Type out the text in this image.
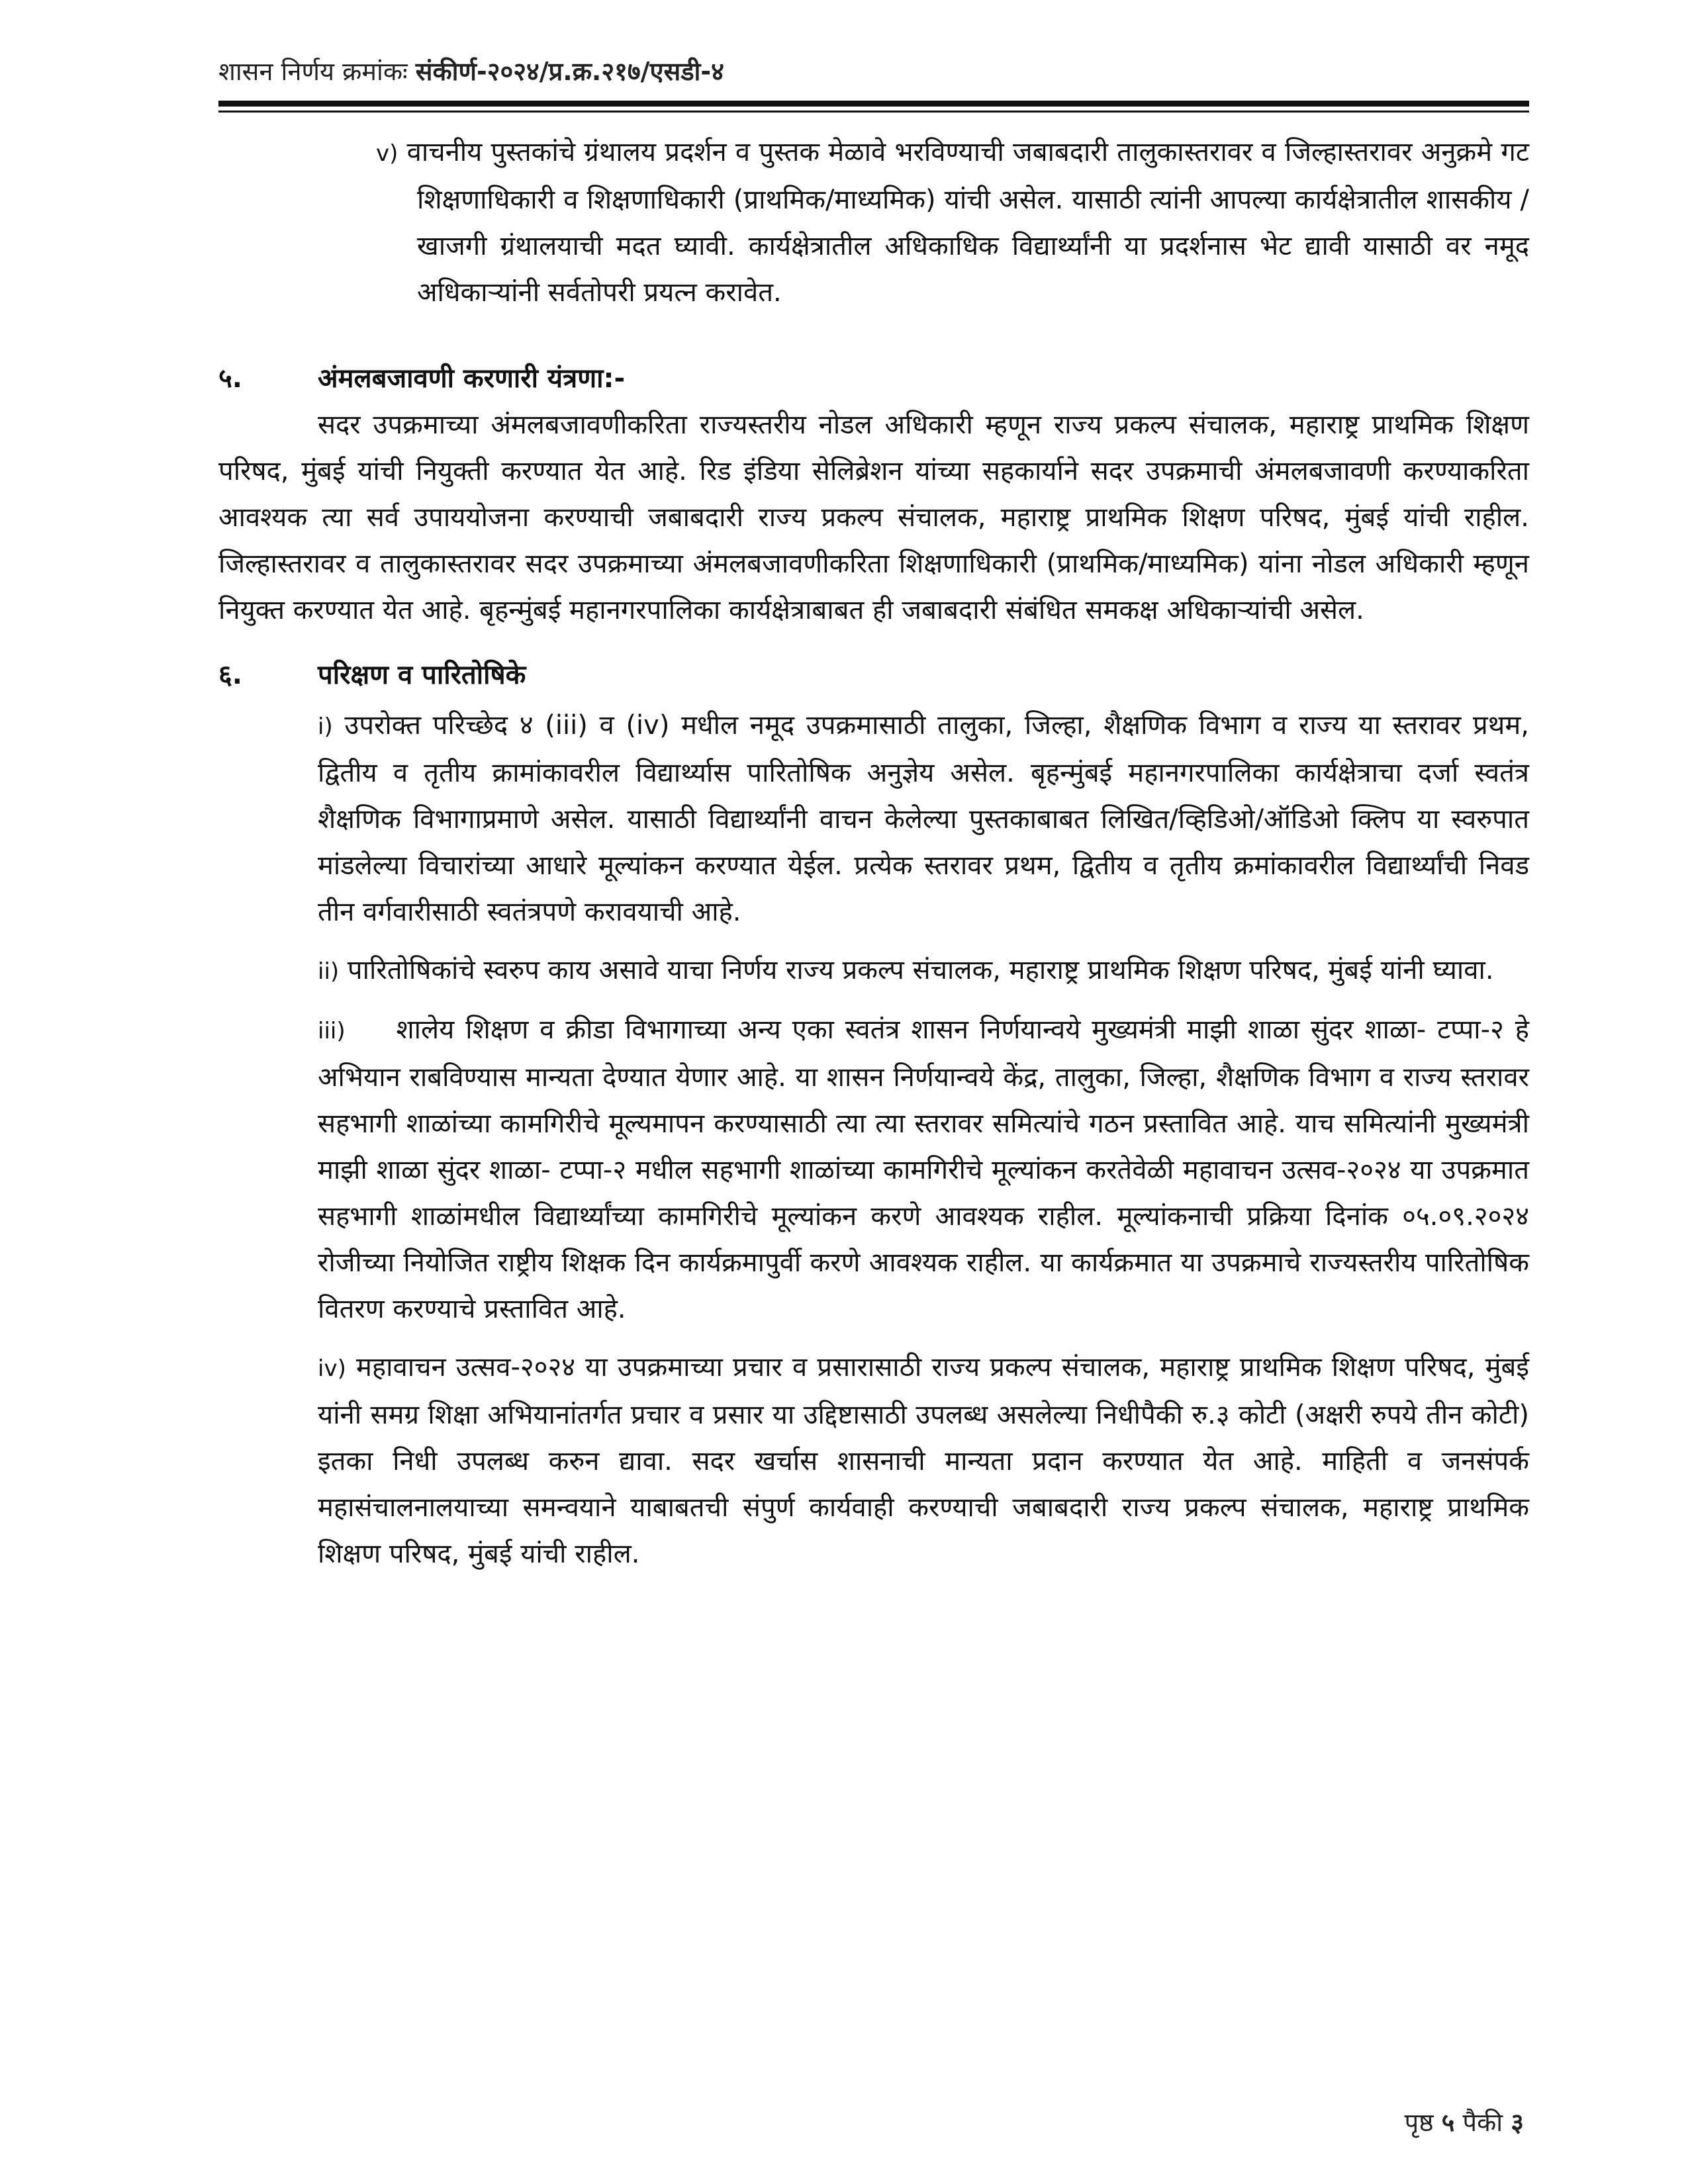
शासन निर्णय क्रमांकः संकीर्ण-२०२४/प्र.क्र.२१७/एसडी-४

v) वाचनीय पुस्तकांचे ग्रंथालय प्रदर्शन व पुस्तक मेळावे भरविण्याची जबाबदारी तालुकास्तरावर व जिल्हास्तरावर अनुक्रमे गट शिक्षणाधिकारी व शिक्षणाधिकारी (प्राथमिक/माध्यमिक) यांची असेल. यासाठी त्यांनी आपल्या कार्यक्षेत्रातील शासकीय / खाजगी ग्रंथालयाची मदत घ्यावी. कार्यक्षेत्रातील अधिकाधिक विद्यार्थ्यांनी या प्रदर्शनास भेट द्यावी यासाठी वर नमूद अधिकाऱ्यांनी सर्वतोपरी प्रयत्न करावेत.

५.	अंमलबजावणी करणारी यंत्रणा:-

सदर उपक्रमाच्या अंमलबजावणीकरिता राज्यस्तरीय नोडल अधिकारी म्हणून राज्य प्रकल्प संचालक, महाराष्ट्र प्राथमिक शिक्षण परिषद, मुंबई यांची नियुक्ती करण्यात येत आहे. रिड इंडिया सेलिब्रेशन यांच्या सहकार्याने सदर उपक्रमाची अंमलबजावणी करण्याकरिता आवश्यक त्या सर्व उपाययोजना करण्याची जबाबदारी राज्य प्रकल्प संचालक, महाराष्ट्र प्राथमिक शिक्षण परिषद, मुंबई यांची राहील. जिल्हास्तरावर व तालुकास्तरावर सदर उपक्रमाच्या अंमलबजावणीकरिता शिक्षणाधिकारी (प्राथमिक/माध्यमिक) यांना नोडल अधिकारी म्हणून नियुक्त करण्यात येत आहे. बृहन्मुंबई महानगरपालिका कार्यक्षेत्राबाबत ही जबाबदारी संबंधित समकक्ष अधिकाऱ्यांची असेल.

६.	परिक्षण व पारितोषिके

i) उपरोक्त परिच्छेद ४ (iii) व (iv) मधील नमूद उपक्रमासाठी तालुका, जिल्हा, शैक्षणिक विभाग व राज्य या स्तरावर प्रथम, द्वितीय व तृतीय क्रामांकावरील विद्यार्थ्यास पारितोषिक अनुज्ञेय असेल. बृहन्मुंबई महानगरपालिका कार्यक्षेत्राचा दर्जा स्वतंत्र शैक्षणिक विभागाप्रमाणे असेल. यासाठी विद्यार्थ्यांनी वाचन केलेल्या पुस्तकाबाबत लिखित/व्हिडिओ/ऑडिओ क्लिप या स्वरुपात मांडलेल्या विचारांच्या आधारे मूल्यांकन करण्यात येईल. प्रत्येक स्तरावर प्रथम, द्वितीय व तृतीय क्रमांकावरील विद्यार्थ्यांची निवड तीन वर्गवारीसाठी स्वतंत्रपणे करावयाची आहे.

ii) पारितोषिकांचे स्वरुप काय असावे याचा निर्णय राज्य प्रकल्प संचालक, महाराष्ट्र प्राथमिक शिक्षण परिषद, मुंबई यांनी घ्यावा.

iii) शालेय शिक्षण व क्रीडा विभागाच्या अन्य एका स्वतंत्र शासन निर्णयान्वये मुख्यमंत्री माझी शाळा सुंदर शाळा- टप्पा-२ हे अभियान राबविण्यास मान्यता देण्यात येणार आहे. या शासन निर्णयान्वये केंद्र, तालुका, जिल्हा, शैक्षणिक विभाग व राज्य स्तरावर सहभागी शाळांच्या कामगिरीचे मूल्यमापन करण्यासाठी त्या त्या स्तरावर समित्यांचे गठन प्रस्तावित आहे. याच समित्यांनी मुख्यमंत्री माझी शाळा सुंदर शाळा- टप्पा-२ मधील सहभागी शाळांच्या कामगिरीचे मूल्यांकन करतेवेळी महावाचन उत्सव-२०२४ या उपक्रमात सहभागी शाळांमधील विद्यार्थ्यांच्या कामगिरीचे मूल्यांकन करणे आवश्यक राहील. मूल्यांकनाची प्रक्रिया दिनांक ०५.०९.२०२४ रोजीच्या नियोजित राष्ट्रीय शिक्षक दिन कार्यक्रमापुर्वी करणे आवश्यक राहील. या कार्यक्रमात या उपक्रमाचे राज्यस्तरीय पारितोषिक वितरण करण्याचे प्रस्तावित आहे.

iv) महावाचन उत्सव-२०२४ या उपक्रमाच्या प्रचार व प्रसारासाठी राज्य प्रकल्प संचालक, महाराष्ट्र प्राथमिक शिक्षण परिषद, मुंबई यांनी समग्र शिक्षा अभियानांतर्गत प्रचार व प्रसार या उद्दिष्टासाठी उपलब्ध असलेल्या निधीपैकी रु.३ कोटी (अक्षरी रुपये तीन कोटी) इतका निधी उपलब्ध करुन द्यावा. सदर खर्चास शासनाची मान्यता प्रदान करण्यात येत आहे. माहिती व जनसंपर्क महासंचालनालयाच्या समन्वयाने याबाबतची संपुर्ण कार्यवाही करण्याची जबाबदारी राज्य प्रकल्प संचालक, महाराष्ट्र प्राथमिक शिक्षण परिषद, मुंबई यांची राहील.

पृष्ठ ५ पैकी ३
